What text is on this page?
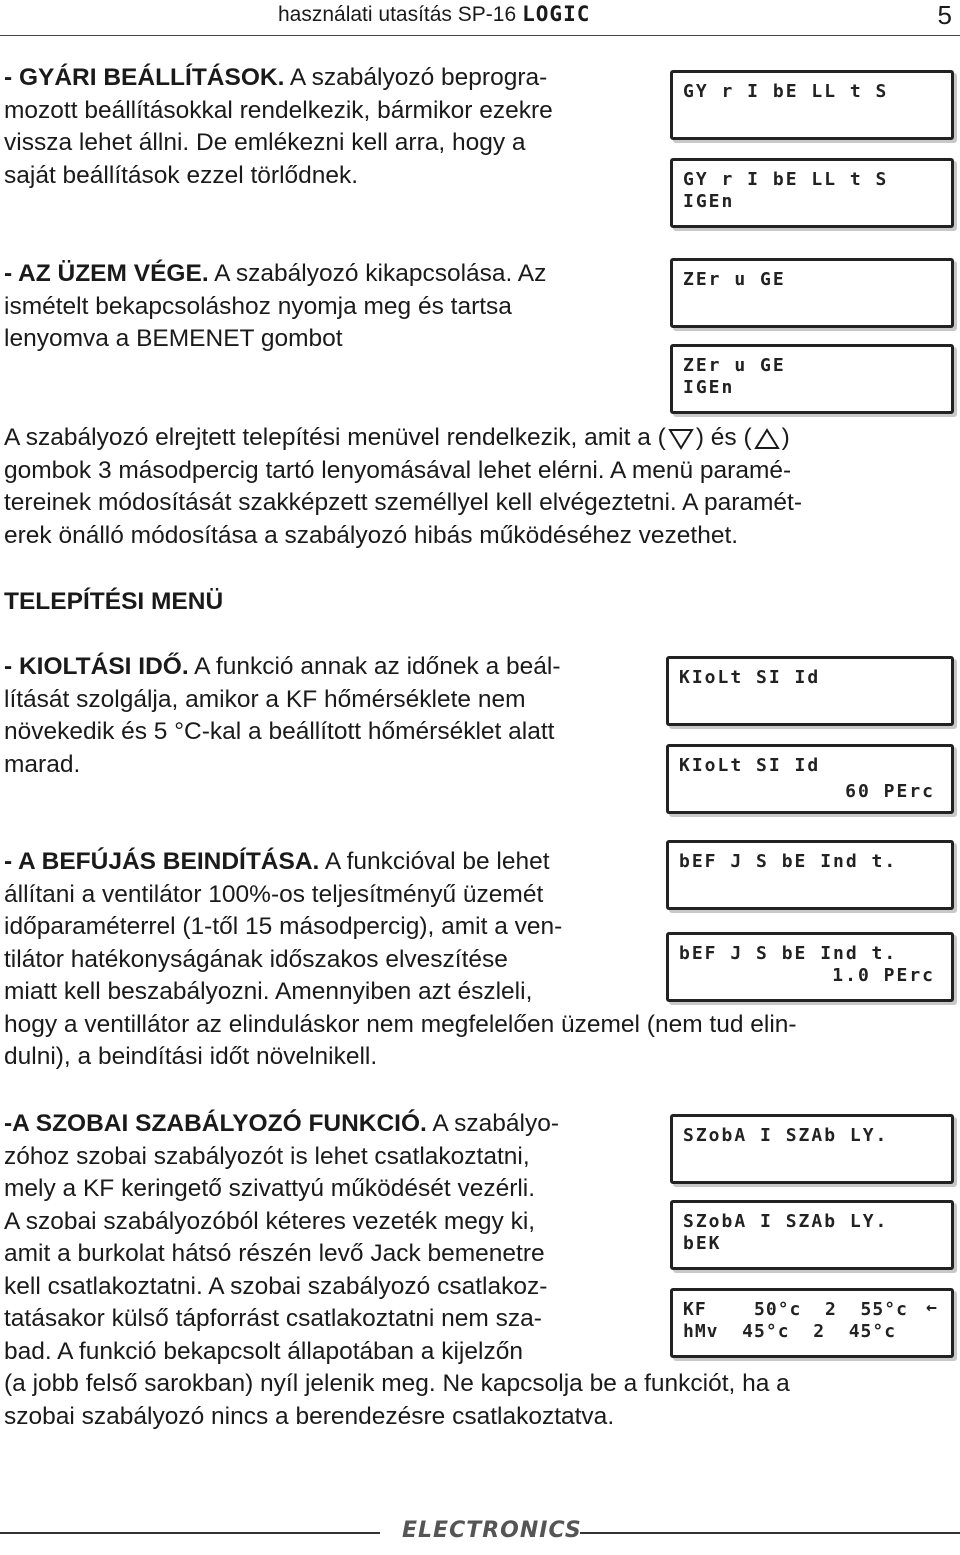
használati utasítás SP-16 LOGIC	5

- GYÁRI BEÁLLÍTÁSOK. A szabályozó beprogra-
mozott beállításokkal rendelkezik, bármikor ezekre
vissza lehet állni. De emlékezni kell arra, hogy a
saját beállítások ezzel törlődnek.

GY r I bE LL t S
GY r I bE LL t S
IGEn

- AZ ÜZEM VÉGE. A szabályozó kikapcsolása. Az
ismételt bekapcsoláshoz nyomja meg és tartsa
lenyomva a BEMENET gombot

ZEr u GE
ZEr u GE
IGEn

A szabályozó elrejtett telepítési menüvel rendelkezik, amit a ( ) és ( )
gombok 3 másodpercig tartó lenyomásával lehet elérni. A menü paramé-
tereinek módosítását szakképzett személlyel kell elvégeztetni. A paramét-
erek önálló módosítása a szabályozó hibás működéséhez vezethet.

TELEPÍTÉSI MENÜ

- KIOLTÁSI IDŐ. A funkció annak az időnek a beál-
lítását szolgálja, amikor a KF hőmérséklete nem
növekedik és 5 °C-kal a beállított hőmérséklet alatt
marad.

KIoLt SI Id
KIoLt SI Id
60 PErc

- A BEFÚJÁS BEINDÍTÁSA. A funkcióval be lehet
állítani a ventilátor 100%-os teljesítményű üzemét
időparaméterrel (1-től 15 másodpercig), amit a ven-
tilátor hatékonyságának időszakos elveszítése
miatt kell beszabályozni. Amennyiben azt észleli,
hogy a ventillátor az elinduláskor nem megfelelően üzemel (nem tud elin-
dulni), a beindítási időt növelnikell.

bEF J S bE Ind t.
bEF J S bE Ind t.
1.0 PErc

-A SZOBAI SZABÁLYOZÓ FUNKCIÓ. A szabályo-
zóhoz szobai szabályozót is lehet csatlakoztatni,
mely a KF keringető szivattyú működését vezérli.
A szobai szabályozóból kéteres vezeték megy ki,
amit a burkolat hátsó részén levő Jack bemenetre
kell csatlakoztatni. A szobai szabályozó csatlakoz-
tatásakor külső tápforrást csatlakoztatni nem sza-
bad. A funkció bekapcsolt állapotában a kijelzőn
(a jobb felső sarokban) nyíl jelenik meg. Ne kapcsolja be a funkciót, ha a
szobai szabályozó nincs a berendezésre csatlakoztatva.

SZobA I SZAb LY.
SZobA I SZAb LY.
bEK
KF    50°c  2  55°c
hMv  45°c  2  45°c
←
ELECTRONICS
